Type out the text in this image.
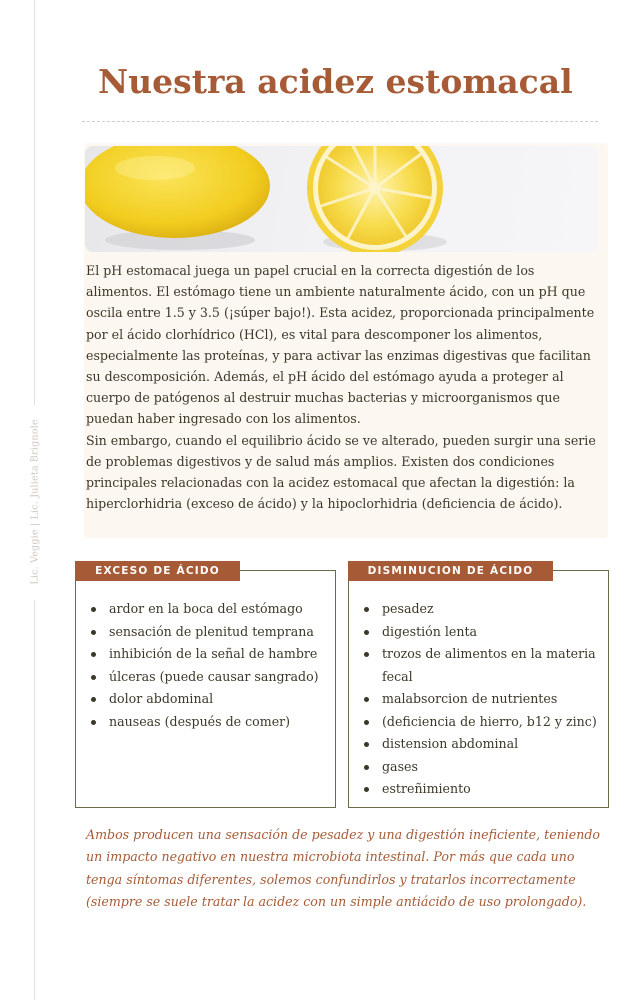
Lic. Veggie | Lic. Julieta Brignole
Nuestra acidez estomacal

El pH estomacal juega un papel crucial en la correcta digestión de los alimentos. El estómago tiene un ambiente naturalmente ácido, con un pH que oscila entre 1.5 y 3.5 (¡súper bajo!). Esta acidez, proporcionada principalmente por el ácido clorhídrico (HCl), es vital para descomponer los alimentos, especialmente las proteínas, y para activar las enzimas digestivas que facilitan su descomposición. Además, el pH ácido del estómago ayuda a proteger al cuerpo de patógenos al destruir muchas bacterias y microorganismos que puedan haber ingresado con los alimentos.

Sin embargo, cuando el equilibrio ácido se ve alterado, pueden surgir una serie de problemas digestivos y de salud más amplios. Existen dos condiciones principales relacionadas con la acidez estomacal que afectan la digestión: la hiperclorhidria (exceso de ácido) y la hipoclorhidria (deficiencia de ácido).

EXCESO DE ÁCIDO
ardor en la boca del estómago
sensación de plenitud temprana
inhibición de la señal de hambre
úlceras (puede causar sangrado)
dolor abdominal
nauseas (después de comer)
DISMINUCION DE ÁCIDO
pesadez
digestión lenta
trozos de alimentos en la materia fecal
malabsorcion de nutrientes
(deficiencia de hierro, b12 y zinc)
distension abdominal
gases
estreñimiento

Ambos producen una sensación de pesadez y una digestión ineficiente, teniendo un impacto negativo en nuestra microbiota intestinal. Por más que cada uno tenga síntomas diferentes, solemos confundirlos y tratarlos incorrectamente (siempre se suele tratar la acidez con un simple antiácido de uso prolongado).
